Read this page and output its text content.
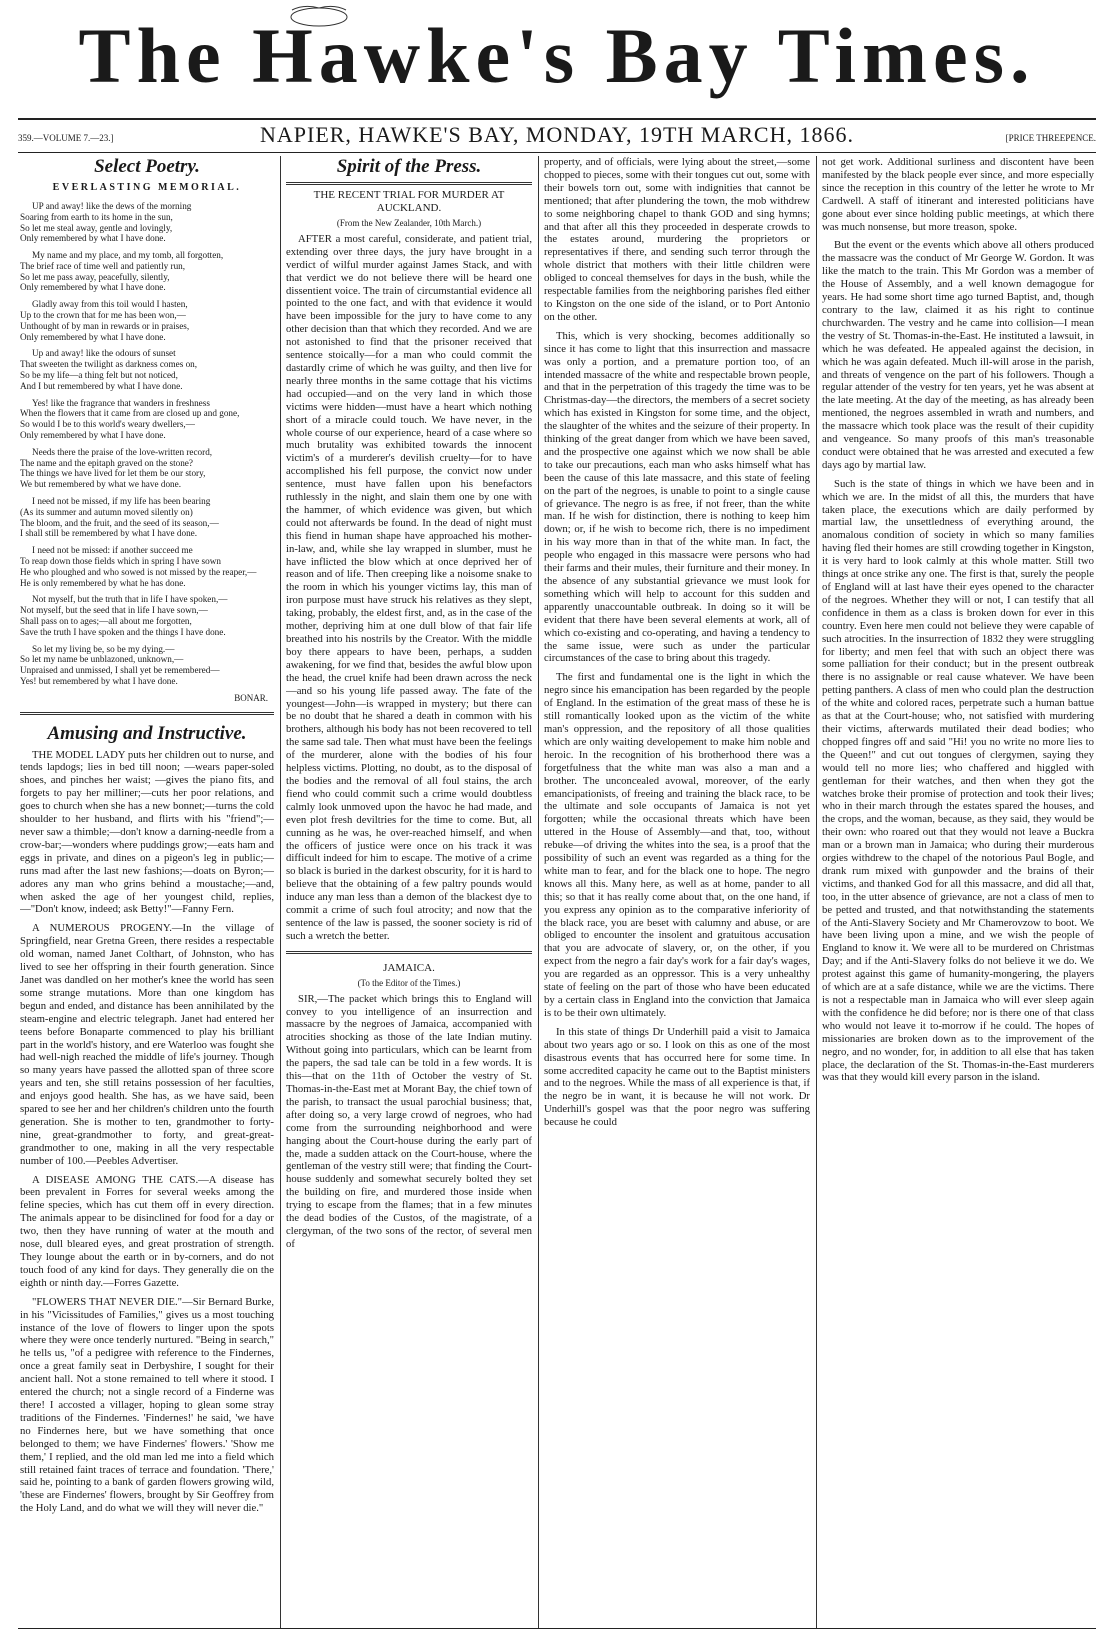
The Hawke's Bay Times.
359.—VOLUME 7.—23.]	NAPIER, HAWKE'S BAY, MONDAY, 19TH MARCH, 1866.	[PRICE THREEPENCE.
Select Poetry.
EVERLASTING MEMORIAL.

UP and away! like the dews of the morning
Soaring from earth to its home in the sun,
So let me steal away, gentle and lovingly,
Only remembered by what I have done.

My name and my place, and my tomb, all forgotten,
The brief race of time well and patiently run,
So let me pass away, peacefully, silently,
Only remembered by what I have done.

Gladly away from this toil would I hasten,
Up to the crown that for me has been won,—
Unthought of by man in rewards or in praises,
Only remembered by what I have done.

Up and away! like the odours of sunset
That sweeten the twilight as darkness comes on,
So be my life—a thing felt but not noticed,
And I but remembered by what I have done.

Yes! like the fragrance that wanders in freshness
When the flowers that it came from are closed up and gone,
So would I be to this world's weary dwellers,—
Only remembered by what I have done.

Needs there the praise of the love-written record,
The name and the epitaph graved on the stone?
The things we have lived for let them be our story,
We but remembered by what we have done.

I need not be missed, if my life has been bearing
(As its summer and autumn moved silently on)
The bloom, and the fruit, and the seed of its season,—
I shall still be remembered by what I have done.

I need not be missed: if another succeed me
To reap down those fields which in spring I have sown
He who ploughed and who sowed is not missed by the reaper,—
He is only remembered by what he has done.

Not myself, but the truth that in life I have spoken,—
Not myself, but the seed that in life I have sown,—
Shall pass on to ages;—all about me forgotten,
Save the truth I have spoken and the things I have done.

So let my living be, so be my dying.—
So let my name be unblazoned, unknown,—
Unpraised and unmissed, I shall yet be remembered—
Yes! but remembered by what I have done.

BONAR.

Amusing and Instructive.

THE MODEL LADY puts her children out to nurse, and tends lapdogs; lies in bed till noon; —wears paper-soled shoes, and pinches her waist; —gives the piano fits, and forgets to pay her milliner;—cuts her poor relations, and goes to church when she has a new bonnet;—turns the cold shoulder to her husband, and flirts with his "friend";—never saw a thimble;—don't know a darning-needle from a crow-bar;—wonders where puddings grow;—eats ham and eggs in private, and dines on a pigeon's leg in public;—runs mad after the last new fashions;—doats on Byron;—adores any man who grins behind a moustache;—and, when asked the age of her youngest child, replies, —"Don't know, indeed; ask Betty!"—Fanny Fern.

A NUMEROUS PROGENY.—In the village of Springfield, near Gretna Green, there resides a respectable old woman, named Janet Colthart, of Johnston, who has lived to see her offspring in their fourth generation. Since Janet was dandled on her mother's knee the world has seen some strange mutations. More than one kingdom has begun and ended, and distance has been annihilated by the steam-engine and electric telegraph. Janet had entered her teens before Bonaparte commenced to play his brilliant part in the world's history, and ere Waterloo was fought she had well-nigh reached the middle of life's journey. Though so many years have passed the allotted span of three score years and ten, she still retains possession of her faculties, and enjoys good health. She has, as we have said, been spared to see her and her children's children unto the fourth generation. She is mother to ten, grandmother to forty-nine, great-grandmother to forty, and great-great-grandmother to one, making in all the very respectable number of 100.—Peebles Advertiser.

A DISEASE AMONG THE CATS.—A disease has been prevalent in Forres for several weeks among the feline species, which has cut them off in every direction. The animals appear to be disinclined for food for a day or two, then they have running of water at the mouth and nose, dull bleared eyes, and great prostration of strength. They lounge about the earth or in by-corners, and do not touch food of any kind for days. They generally die on the eighth or ninth day.—Forres Gazette.

"FLOWERS THAT NEVER DIE."—Sir Bernard Burke, in his "Vicissitudes of Families," gives us a most touching instance of the love of flowers to linger upon the spots where they were once tenderly nurtured. "Being in search," he tells us, "of a pedigree with reference to the Findernes, once a great family seat in Derbyshire, I sought for their ancient hall. Not a stone remained to tell where it stood. I entered the church; not a single record of a Finderne was there! I accosted a villager, hoping to glean some stray traditions of the Findernes. 'Findernes!' he said, 'we have no Findernes here, but we have something that once belonged to them; we have Findernes' flowers.' 'Show me them,' I replied, and the old man led me into a field which still retained faint traces of terrace and foundation. 'There,' said he, pointing to a bank of garden flowers growing wild, 'these are Findernes' flowers, brought by Sir Geoffrey from the Holy Land, and do what we will they will never die."

Spirit of the Press.
THE RECENT TRIAL FOR MURDER AT AUCKLAND.
(From the New Zealander, 10th March.)

AFTER a most careful, considerate, and patient trial, extending over three days, the jury have brought in a verdict of wilful murder against James Stack, and with that verdict we do not believe there will be heard one dissentient voice. The train of circumstantial evidence all pointed to the one fact, and with that evidence it would have been impossible for the jury to have come to any other decision than that which they recorded. And we are not astonished to find that the prisoner received that sentence stoically—for a man who could commit the dastardly crime of which he was guilty, and then live for nearly three months in the same cottage that his victims had occupied—and on the very land in which those victims were hidden—must have a heart which nothing short of a miracle could touch. We have never, in the whole course of our experience, heard of a case where so much brutality was exhibited towards the innocent victim's of a murderer's devilish cruelty—for to have accomplished his fell purpose, the convict now under sentence, must have fallen upon his benefactors ruthlessly in the night, and slain them one by one with the hammer, of which evidence was given, but which could not afterwards be found. In the dead of night must this fiend in human shape have approached his mother-in-law, and, while she lay wrapped in slumber, must he have inflicted the blow which at once deprived her of reason and of life. Then creeping like a noisome snake to the room in which his younger victims lay, this man of iron purpose must have struck his relatives as they slept, taking, probably, the eldest first, and, as in the case of the mother, depriving him at one dull blow of that fair life breathed into his nostrils by the Creator. With the middle boy there appears to have been, perhaps, a sudden awakening, for we find that, besides the awful blow upon the head, the cruel knife had been drawn across the neck—and so his young life passed away. The fate of the youngest—John—is wrapped in mystery; but there can be no doubt that he shared a death in common with his brothers, although his body has not been recovered to tell the same sad tale. Then what must have been the feelings of the murderer, alone with the bodies of his four helpless victims. Plotting, no doubt, as to the disposal of the bodies and the removal of all foul stains, the arch fiend who could commit such a crime would doubtless calmly look unmoved upon the havoc he had made, and even plot fresh deviltries for the time to come. But, all cunning as he was, he over-reached himself, and when the officers of justice were once on his track it was difficult indeed for him to escape. The motive of a crime so black is buried in the darkest obscurity, for it is hard to believe that the obtaining of a few paltry pounds would induce any man less than a demon of the blackest dye to commit a crime of such foul atrocity; and now that the sentence of the law is passed, the sooner society is rid of such a wretch the better.

JAMAICA.
(To the Editor of the Times.)

SIR,—The packet which brings this to England will convey to you intelligence of an insurrection and massacre by the negroes of Jamaica, accompanied with atrocities shocking as those of the late Indian mutiny. Without going into particulars, which can be learnt from the papers, the sad tale can be told in a few words. It is this—that on the 11th of October the vestry of St. Thomas-in-the-East met at Morant Bay, the chief town of the parish, to transact the usual parochial business; that, after doing so, a very large crowd of negroes, who had come from the surrounding neighborhood and were hanging about the Court-house during the early part of the, made a sudden attack on the Court-house, where the gentleman of the vestry still were; that finding the Court-house suddenly and somewhat securely bolted they set the building on fire, and murdered those inside when trying to escape from the flames; that in a few minutes the dead bodies of the Custos, of the magistrate, of a clergyman, of the two sons of the rector, of several men of

property, and of officials, were lying about the street,—some chopped to pieces, some with their tongues cut out, some with their bowels torn out, some with indignities that cannot be mentioned; that after plundering the town, the mob withdrew to some neighboring chapel to thank GOD and sing hymns; and that after all this they proceeded in desperate crowds to the estates around, murdering the proprietors or representatives if there, and sending such terror through the whole district that mothers with their little children were obliged to conceal themselves for days in the bush, while the respectable families from the neighboring parishes fled either to Kingston on the one side of the island, or to Port Antonio on the other.

This, which is very shocking, becomes additionally so since it has come to light that this insurrection and massacre was only a portion, and a premature portion too, of an intended massacre of the white and respectable brown people, and that in the perpetration of this tragedy the time was to be Christmas-day—the directors, the members of a secret society which has existed in Kingston for some time, and the object, the slaughter of the whites and the seizure of their property. In thinking of the great danger from which we have been saved, and the prospective one against which we now shall be able to take our precautions, each man who asks himself what has been the cause of this late massacre, and this state of feeling on the part of the negroes, is unable to point to a single cause of grievance. The negro is as free, if not freer, than the white man. If he wish for distinction, there is nothing to keep him down; or, if he wish to become rich, there is no impediment in his way more than in that of the white man. In fact, the people who engaged in this massacre were persons who had their farms and their mules, their furniture and their money. In the absence of any substantial grievance we must look for something which will help to account for this sudden and apparently unaccountable outbreak. In doing so it will be evident that there have been several elements at work, all of which co-existing and co-operating, and having a tendency to the same issue, were such as under the particular circumstances of the case to bring about this tragedy.

The first and fundamental one is the light in which the negro since his emancipation has been regarded by the people of England. In the estimation of the great mass of these he is still romantically looked upon as the victim of the white man's oppression, and the repository of all those qualities which are only waiting developement to make him noble and heroic. In the recognition of his brotherhood there was a forgetfulness that the white man was also a man and a brother. The unconcealed avowal, moreover, of the early emancipationists, of freeing and training the black race, to be the ultimate and sole occupants of Jamaica is not yet forgotten; while the occasional threats which have been uttered in the House of Assembly—and that, too, without rebuke—of driving the whites into the sea, is a proof that the possibility of such an event was regarded as a thing for the white man to fear, and for the black one to hope. The negro knows all this. Many here, as well as at home, pander to all this; so that it has really come about that, on the one hand, if you express any opinion as to the comparative inferiority of the black race, you are beset with calumny and abuse, or are obliged to encounter the insolent and gratuitous accusation that you are advocate of slavery, or, on the other, if you expect from the negro a fair day's work for a fair day's wages, you are regarded as an oppressor. This is a very unhealthy state of feeling on the part of those who have been educated by a certain class in England into the conviction that Jamaica is to be their own ultimately.

In this state of things Dr Underhill paid a visit to Jamaica about two years ago or so. I look on this as one of the most disastrous events that has occurred here for some time. In some accredited capacity he came out to the Baptist ministers and to the negroes. While the mass of all experience is that, if the negro be in want, it is because he will not work. Dr Underhill's gospel was that the poor negro was suffering because he could

not get work. Additional surliness and discontent have been manifested by the black people ever since, and more especially since the reception in this country of the letter he wrote to Mr Cardwell. A staff of itinerant and interested politicians have gone about ever since holding public meetings, at which there was much nonsense, but more treason, spoke.

But the event or the events which above all others produced the massacre was the conduct of Mr George W. Gordon. It was like the match to the train. This Mr Gordon was a member of the House of Assembly, and a well known demagogue for years. He had some short time ago turned Baptist, and, though contrary to the law, claimed it as his right to continue churchwarden. The vestry and he came into collision—I mean the vestry of St. Thomas-in-the-East. He instituted a lawsuit, in which he was defeated. He appealed against the decision, in which he was again defeated. Much ill-will arose in the parish, and threats of vengence on the part of his followers. Though a regular attender of the vestry for ten years, yet he was absent at the late meeting. At the day of the meeting, as has already been mentioned, the negroes assembled in wrath and numbers, and the massacre which took place was the result of their cupidity and vengeance. So many proofs of this man's treasonable conduct were obtained that he was arrested and executed a few days ago by martial law.

Such is the state of things in which we have been and in which we are. In the midst of all this, the murders that have taken place, the executions which are daily performed by martial law, the unsettledness of everything around, the anomalous condition of society in which so many families having fled their homes are still crowding together in Kingston, it is very hard to look calmly at this whole matter. Still two things at once strike any one. The first is that, surely the people of England will at last have their eyes opened to the character of the negroes. Whether they will or not, I can testify that all confidence in them as a class is broken down for ever in this country. Even here men could not believe they were capable of such atrocities. In the insurrection of 1832 they were struggling for liberty; and men feel that with such an object there was some palliation for their conduct; but in the present outbreak there is no assignable or real cause whatever. We have been petting panthers. A class of men who could plan the destruction of the white and colored races, perpetrate such a human battue as that at the Court-house; who, not satisfied with murdering their victims, afterwards mutilated their dead bodies; who chopped fingres off and said "Hi! you no write no more lies to the Queen!" and cut out tongues of clergymen, saying they would tell no more lies; who chaffered and higgled with gentleman for their watches, and then when they got the watches broke their promise of protection and took their lives; who in their march through the estates spared the houses, and the crops, and the woman, because, as they said, they would be their own: who roared out that they would not leave a Buckra man or a brown man in Jamaica; who during their murderous orgies withdrew to the chapel of the notorious Paul Bogle, and drank rum mixed with gunpowder and the brains of their victims, and thanked God for all this massacre, and did all that, too, in the utter absence of grievance, are not a class of men to be petted and trusted, and that notwithstanding the statements of the Anti-Slavery Society and Mr Chamerovzow to boot. We have been living upon a mine, and we wish the people of England to know it. We were all to be murdered on Christmas Day; and if the Anti-Slavery folks do not believe it we do. We protest against this game of humanity-mongering, the players of which are at a safe distance, while we are the victims. There is not a respectable man in Jamaica who will ever sleep again with the confidence he did before; nor is there one of that class who would not leave it to-morrow if he could. The hopes of missionaries are broken down as to the improvement of the negro, and no wonder, for, in addition to all else that has taken place, the declaration of the St. Thomas-in-the-East murderers was that they would kill every parson in the island.
